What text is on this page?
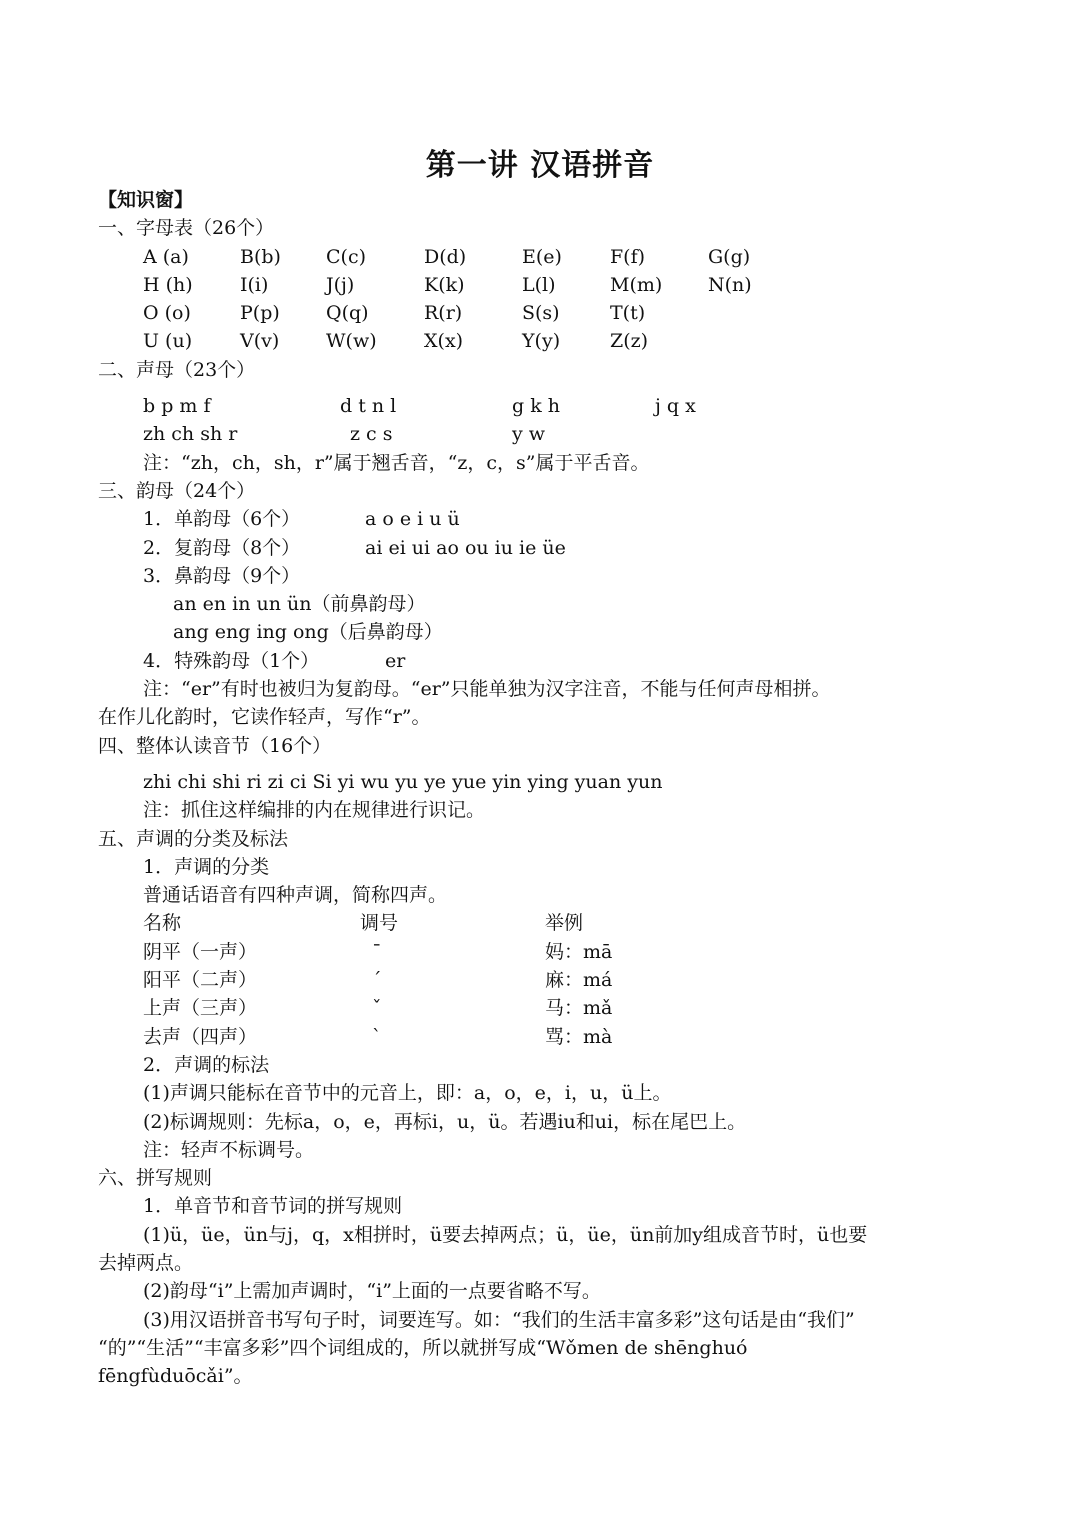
第一讲 汉语拼音
【知识窗】
一、字母表（26个）
A (a)	B(b) C(c)	D(d)	E(e)	F(f)	G(g)
H (h) I(i)	J(j)	K(k)	L(l)	M(m) N(n)
O (o)	P(p) Q(q)	R(r)	S(s)	T(t)
U (u)	V(v) W(w) X(x)	Y(y)	Z(z)
二、声母（23个）
b p m f	d t n l	g k h	j q x
zh ch sh r	z c s	y w
注：“zh，ch，sh，r”属于翘舌音，“z，c，s”属于平舌音。
三、韵母（24个）
1．单韵母（6个）	a o e i u ü
2．复韵母（8个）	ai ei ui ao ou iu ie üe
3．鼻韵母（9个）
an en in un ün（前鼻韵母）
ang eng ing ong（后鼻韵母）
4．特殊韵母（1个）	er
注：“er”有时也被归为复韵母。“er”只能单独为汉字注音，不能与任何声母相拼。
在作儿化韵时，它读作轻声，写作“r”。
四、整体认读音节（16个）
zhi chi shi ri zi ci Si yi wu yu ye yue yin ying yuan yun
注：抓住这样编排的内在规律进行识记。
五、声调的分类及标法
1．声调的分类
普通话语音有四种声调，简称四声。
名称	调号	举例
阴平（一声）	ˉ	妈：mā
阳平（二声）	ˊ	麻：má
上声（三声）	ˇ	马：mǎ
去声（四声）	ˋ	骂：mà
2．声调的标法
(1)声调只能标在音节中的元音上，即：a，o，e，i，u，ü上。
(2)标调规则：先标a，o，e，再标i，u，ü。若遇iu和ui，标在尾巴上。
注：轻声不标调号。
六、拼写规则
1．单音节和音节词的拼写规则
(1)ü，üe，ün与j，q，x相拼时，ü要去掉两点；ü，üe，ün前加y组成音节时，ü也要
去掉两点。
(2)韵母“i”上需加声调时，“i”上面的一点要省略不写。
(3)用汉语拼音书写句子时，词要连写。如：“我们的生活丰富多彩”这句话是由“我们”
“的”“生活”“丰富多彩”四个词组成的，所以就拼写成“Wǒmen de shēnghuó
fēngfùduōcǎi”。
